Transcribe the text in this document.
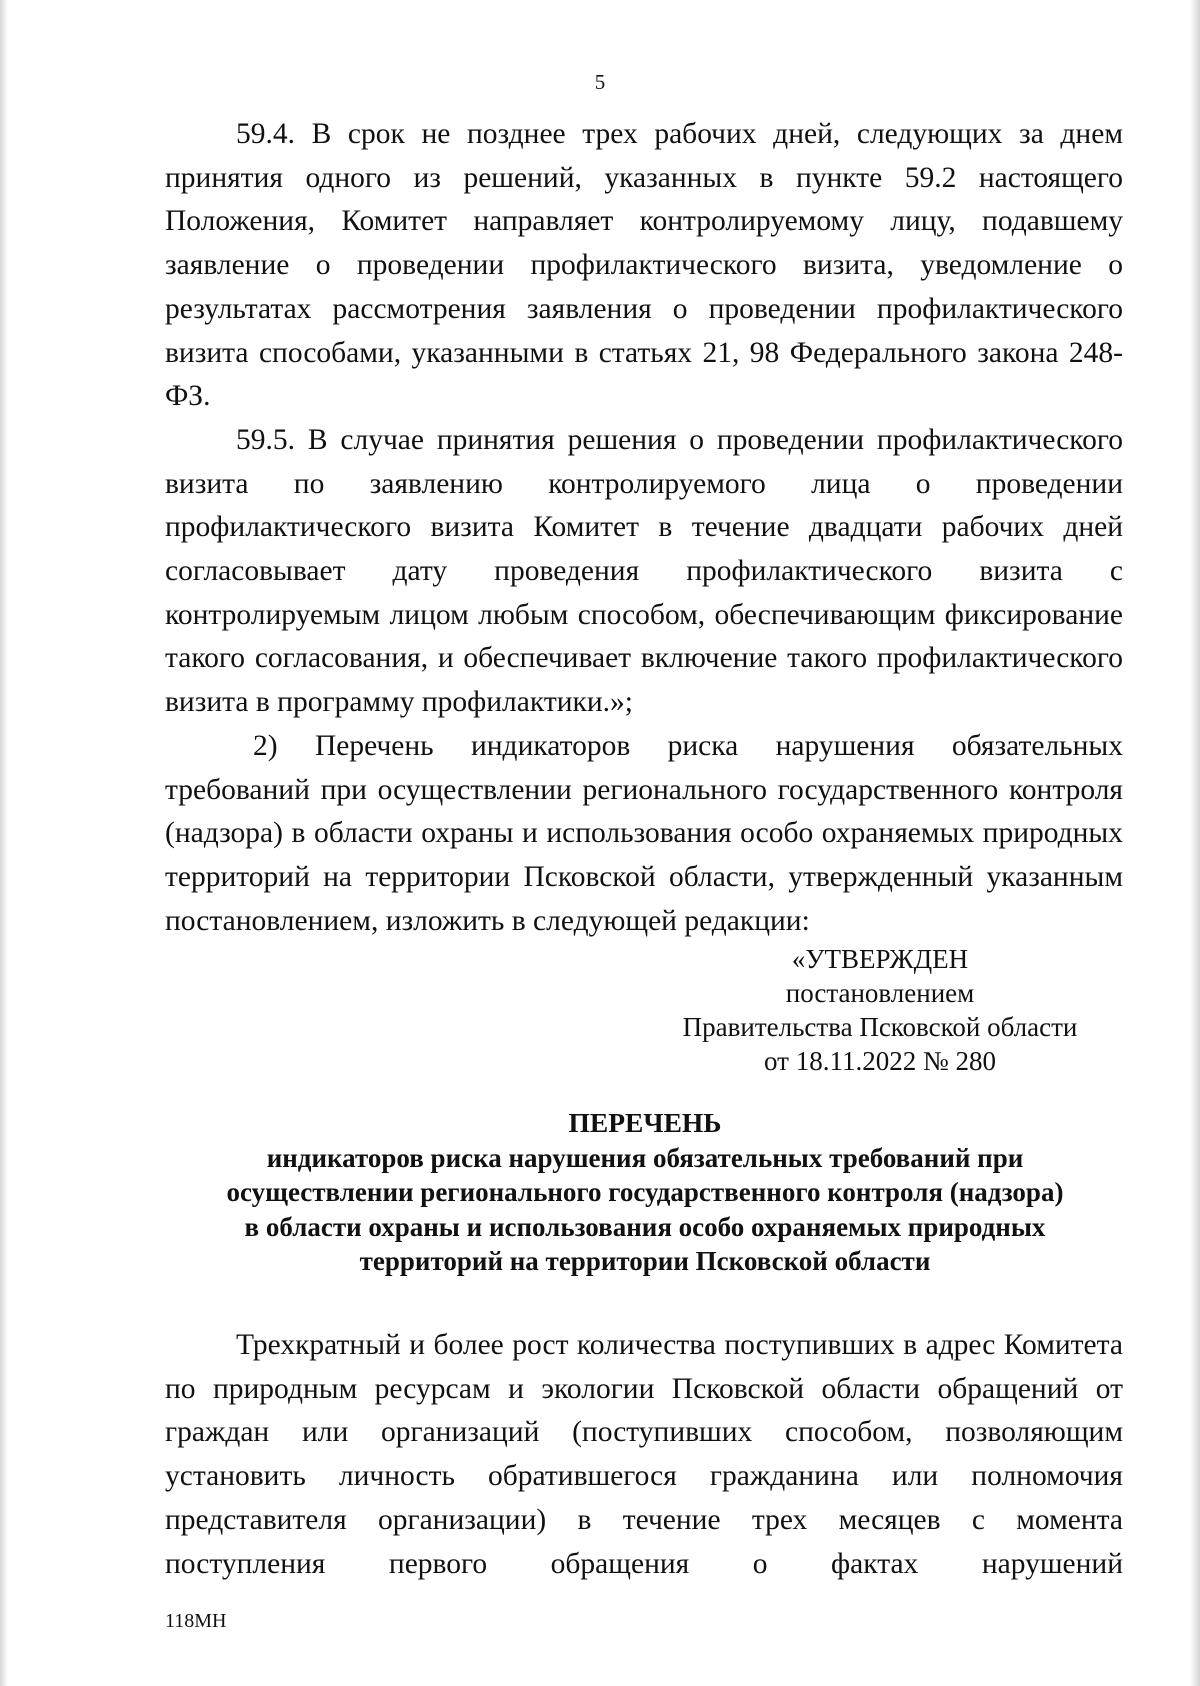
5

59.4. В срок не позднее трех рабочих дней, следующих за днем принятия одного из решений, указанных в пункте 59.2 настоящего Положения, Комитет направляет контролируемому лицу, подавшему заявление о проведении профилактического визита, уведомление о результатах рассмотрения заявления о проведении профилактического визита способами, указанными в статьях 21, 98 Федерального закона 248-ФЗ.

59.5. В случае принятия решения о проведении профилактического визита по заявлению контролируемого лица о проведении профилактического визита Комитет в течение двадцати рабочих дней согласовывает дату проведения профилактического визита с контролируемым лицом любым способом, обеспечивающим фиксирование такого согласования, и обеспечивает включение такого профилактического визита в программу профилактики.»;

2) Перечень индикаторов риска нарушения обязательных требований при осуществлении регионального государственного контроля (надзора) в области охраны и использования особо охраняемых природных территорий на территории Псковской области, утвержденный указанным постановлением, изложить в следующей редакции:

«УТВЕРЖДЕН
постановлением
Правительства Псковской области
от 18.11.2022 № 280
ПЕРЕЧЕНЬ
индикаторов риска нарушения обязательных требований при
осуществлении регионального государственного контроля (надзора)
в области охраны и использования особо охраняемых природных
территорий на территории Псковской области

Трехкратный и более рост количества поступивших в адрес Комитета по природным ресурсам и экологии Псковской области обращений от граждан или организаций (поступивших способом, позволяющим установить личность обратившегося гражданина или полномочия представителя организации) в течение трех месяцев с момента поступления первого обращения о фактах нарушений

118МН
